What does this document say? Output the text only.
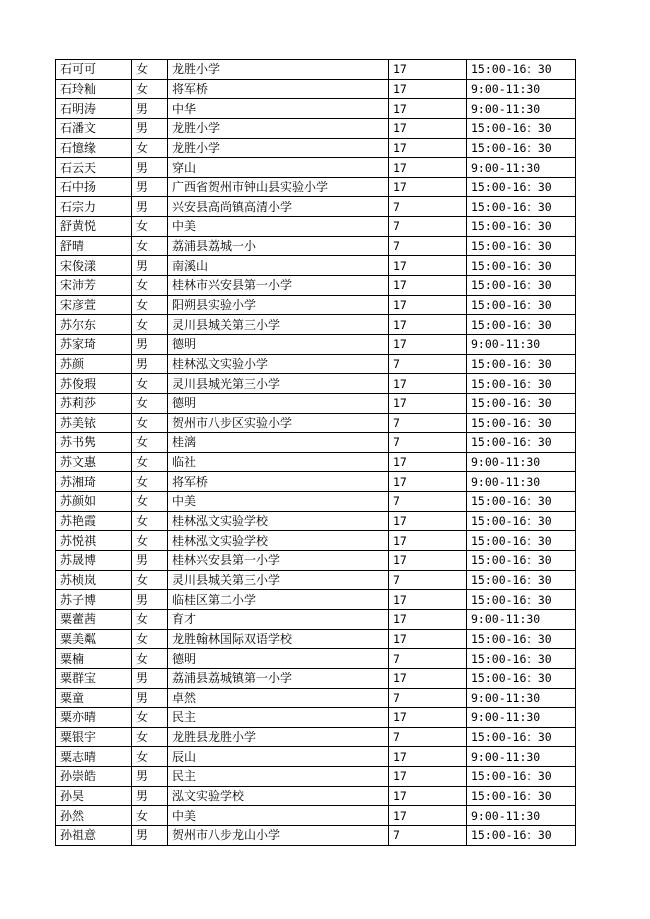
石可可	女	龙胜小学	17	15:00-16：30
石玲籼	女	将军桥	17	9:00-11:30
石明涛	男	中华	17	9:00-11:30
石潘文	男	龙胜小学	17	15:00-16：30
石憶缘	女	龙胜小学	17	15:00-16：30
石云天	男	穿山	17	9:00-11:30
石中扬	男	广西省贺州市钟山县实验小学	17	15:00-16：30
石宗力	男	兴安县高尚镇高清小学	7	15:00-16：30
舒黄悦	女	中美	7	15:00-16：30
舒晴	女	荔浦县荔城一小	7	15:00-16：30
宋俊漾	男	南溪山	17	15:00-16：30
宋沛芳	女	桂林市兴安县第一小学	17	15:00-16：30
宋彦萱	女	阳朔县实验小学	17	15:00-16：30
苏尔东	女	灵川县城关第三小学	17	15:00-16：30
苏家琦	男	德明	17	9:00-11:30
苏颜	男	桂林泓文实验小学	7	15:00-16：30
苏俊瑕	女	灵川县城光第三小学	17	15:00-16：30
苏莉莎	女	德明	17	15:00-16：30
苏美铱	女	贺州市八步区实验小学	7	15:00-16：30
苏书隽	女	桂漓	7	15:00-16：30
苏文惠	女	临社	17	9:00-11:30
苏湘琦	女	将军桥	17	9:00-11:30
苏颜如	女	中美	7	15:00-16：30
苏艳霞	女	桂林泓文实验学校	17	15:00-16：30
苏悦祺	女	桂林泓文实验学校	17	15:00-16：30
苏晟博	男	桂林兴安县第一小学	17	15:00-16：30
苏桢岚	女	灵川县城关第三小学	7	15:00-16：30
苏子博	男	临桂区第二小学	17	15:00-16：30
粟藿茜	女	育才	17	9:00-11:30
粟美粼	女	龙胜翰林国际双语学校	17	15:00-16：30
粟楠	女	德明	7	15:00-16：30
粟群宝	男	荔浦县荔城镇第一小学	17	15:00-16：30
粟童	男	卓然	7	9:00-11:30
粟亦晴	女	民主	17	9:00-11:30
粟银宇	女	龙胜县龙胜小学	7	15:00-16：30
粟志晴	女	辰山	17	9:00-11:30
孙崇皓	男	民主	17	15:00-16：30
孙昊	男	泓文实验学校	17	15:00-16：30
孙然	女	中美	17	9:00-11:30
孙祖意	男	贺州市八步龙山小学	7	15:00-16：30
